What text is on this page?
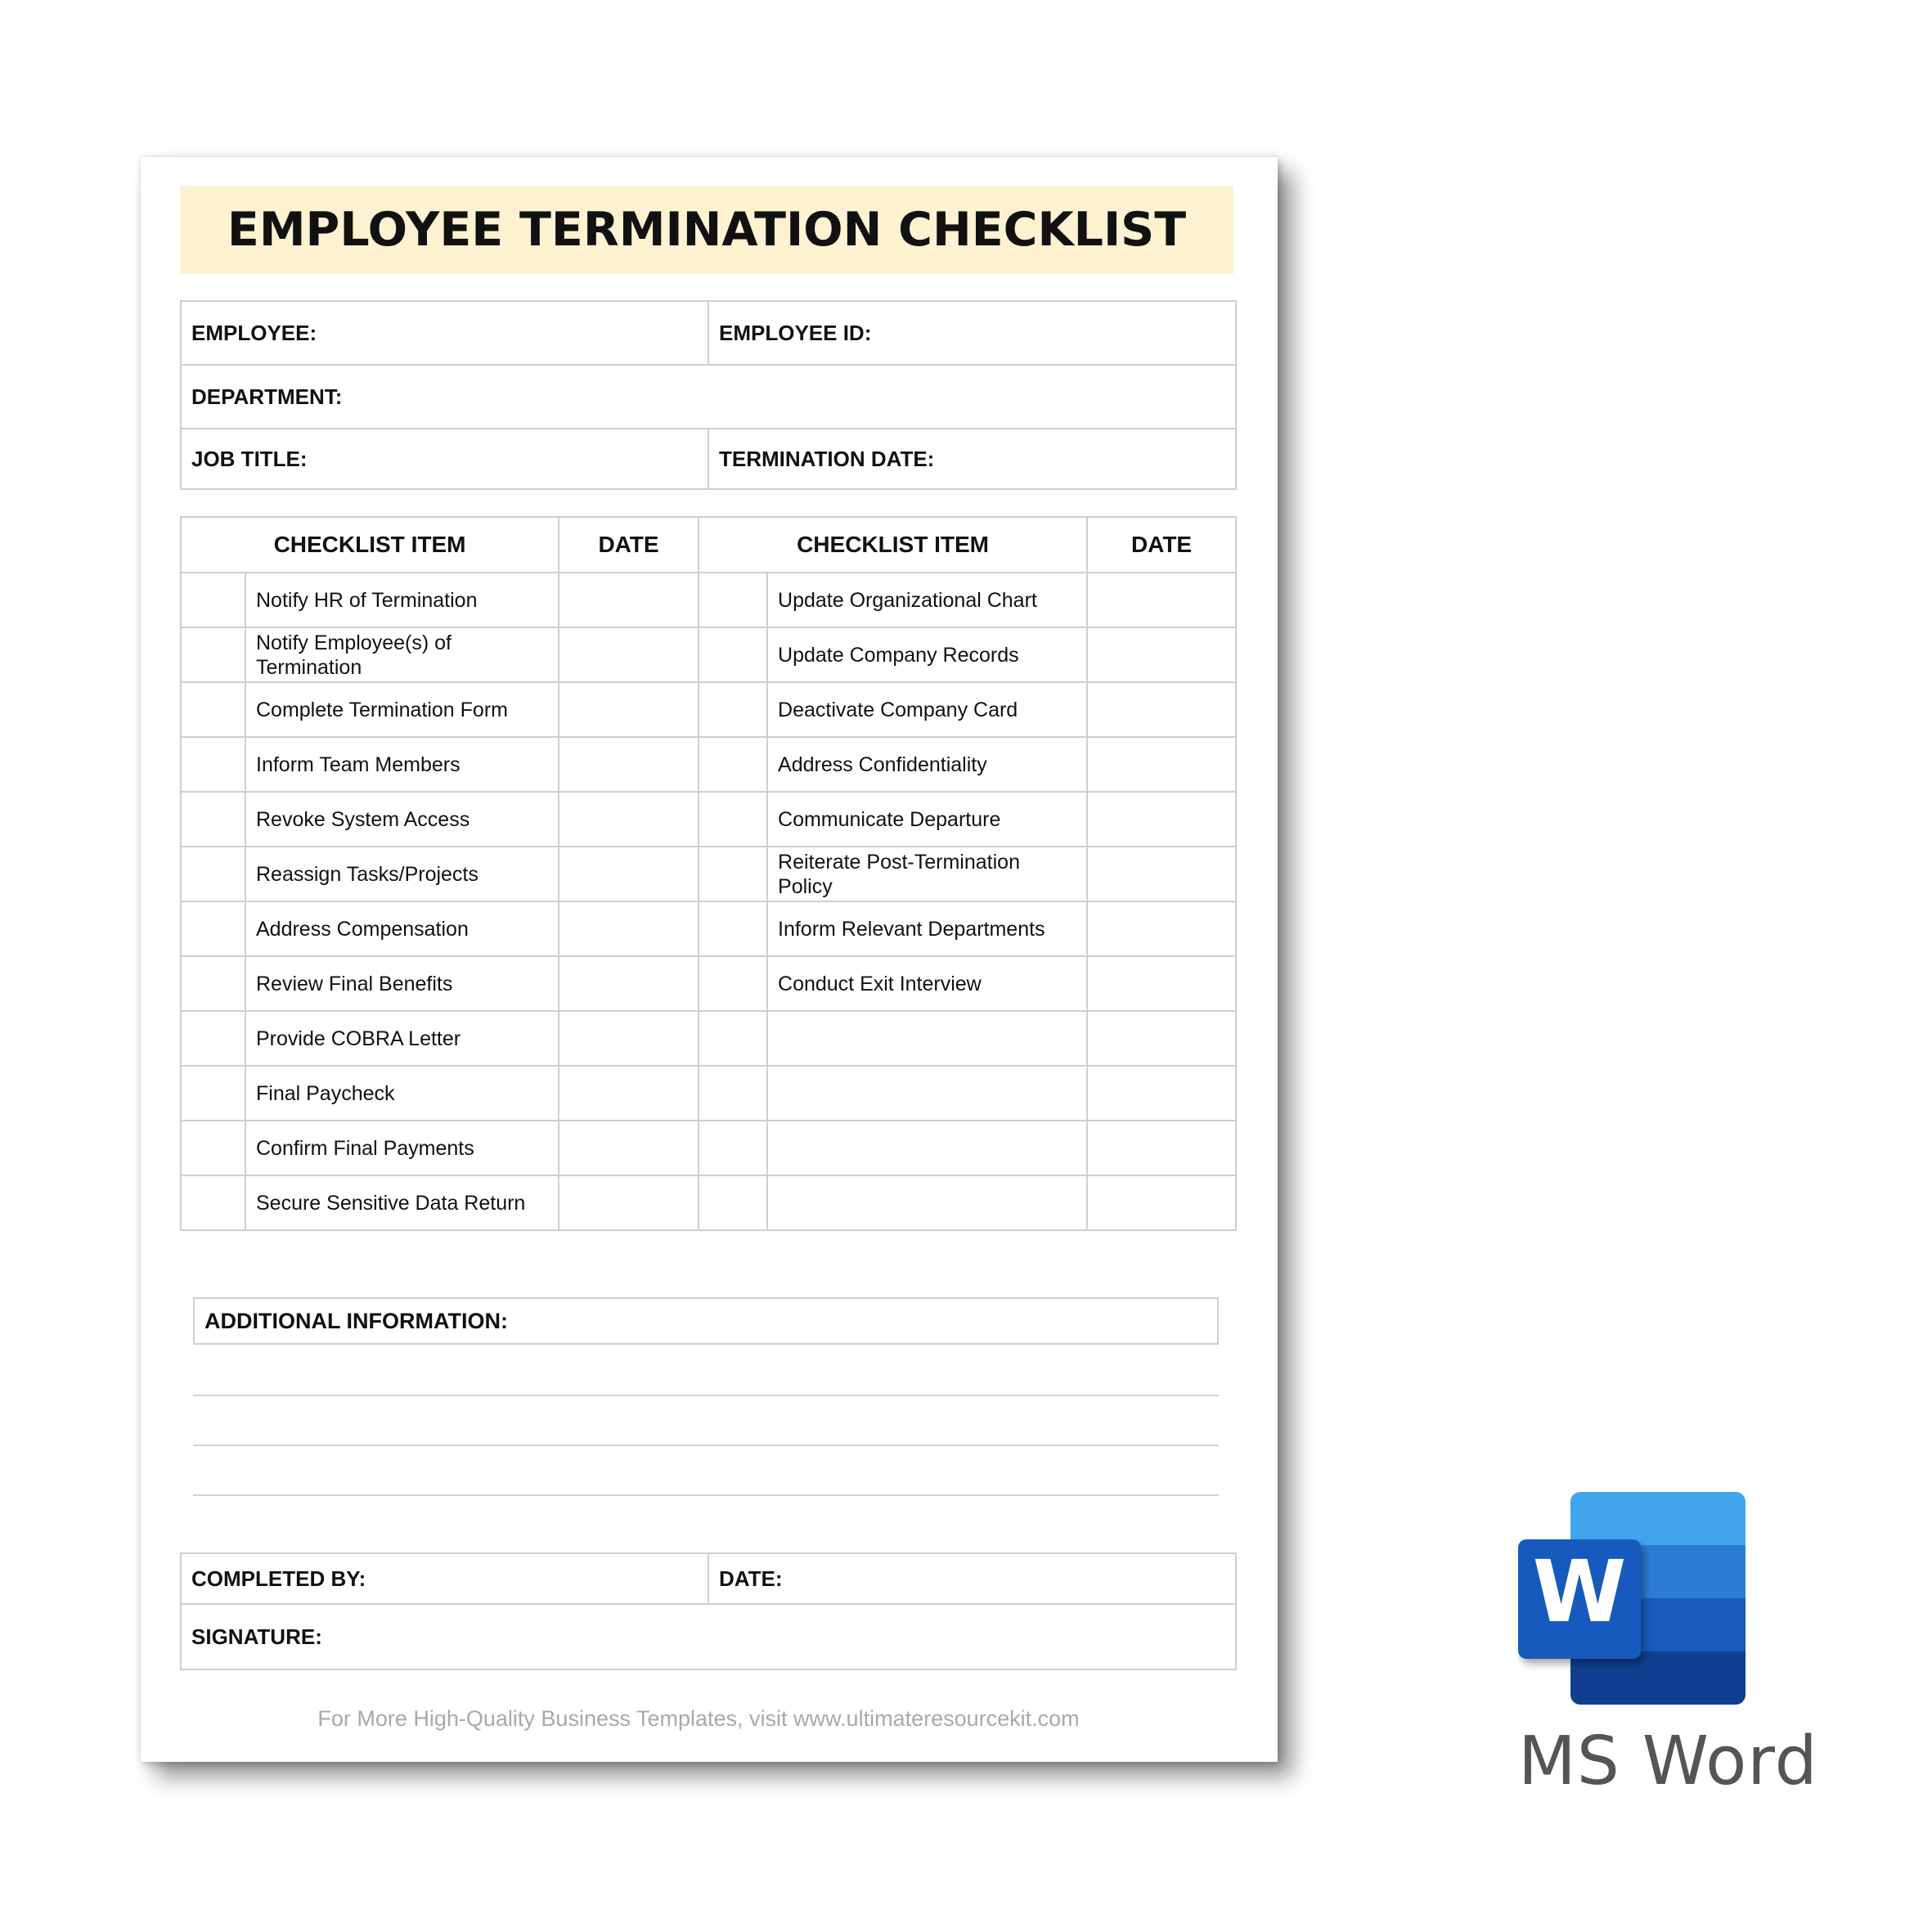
EMPLOYEE TERMINATION CHECKLIST
EMPLOYEE:	EMPLOYEE ID:
DEPARTMENT:	
JOB TITLE:	TERMINATION DATE:
CHECKLIST ITEM		DATE	CHECKLIST ITEM		DATE
	Notify HR of Termination			Update Organizational Chart	
	Notify Employee(s) of Termination			Update Company Records	
	Complete Termination Form			Deactivate Company Card	
	Inform Team Members			Address Confidentiality	
	Revoke System Access			Communicate Departure	
	Reassign Tasks/Projects			Reiterate Post-Termination Policy	
	Address Compensation			Inform Relevant Departments	
	Review Final Benefits			Conduct Exit Interview	
	Provide COBRA Letter				
	Final Paycheck				
	Confirm Final Payments				
	Secure Sensitive Data Return				
ADDITIONAL INFORMATION:
COMPLETED BY:	DATE:
SIGNATURE:
For More High-Quality Business Templates, visit www.ultimateresourcekit.com
W
MS Word
